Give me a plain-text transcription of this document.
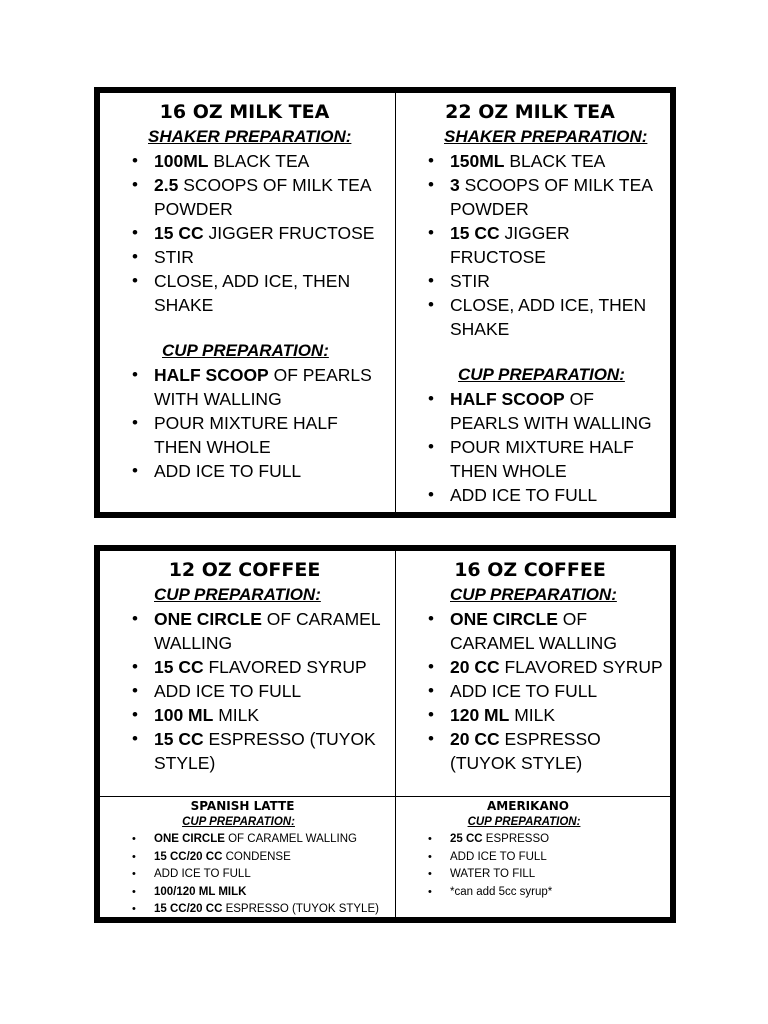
16 OZ MILK TEA
SHAKER PREPARATION:
• 100ML BLACK TEA
• 2.5 SCOOPS OF MILK TEA POWDER
• 15 CC JIGGER FRUCTOSE
• STIR
• CLOSE, ADD ICE, THEN SHAKE
CUP PREPARATION:
• HALF SCOOP OF PEARLS WITH WALLING
• POUR MIXTURE HALF THEN WHOLE
• ADD ICE TO FULL
22 OZ MILK TEA
SHAKER PREPARATION:
• 150ML BLACK TEA
• 3 SCOOPS OF MILK TEA POWDER
• 15 CC JIGGER FRUCTOSE
• STIR
• CLOSE, ADD ICE, THEN SHAKE
CUP PREPARATION:
• HALF SCOOP OF PEARLS WITH WALLING
• POUR MIXTURE HALF THEN WHOLE
• ADD ICE TO FULL
12 OZ COFFEE
CUP PREPARATION:
• ONE CIRCLE OF CARAMEL WALLING
• 15 CC FLAVORED SYRUP
• ADD ICE TO FULL
• 100 ML MILK
• 15 CC ESPRESSO (TUYOK STYLE)
16 OZ COFFEE
CUP PREPARATION:
• ONE CIRCLE OF CARAMEL WALLING
• 20 CC FLAVORED SYRUP
• ADD ICE TO FULL
• 120 ML MILK
• 20 CC ESPRESSO (TUYOK STYLE)
SPANISH LATTE
CUP PREPARATION:
• ONE CIRCLE OF CARAMEL WALLING
• 15 CC/20 CC CONDENSE
• ADD ICE TO FULL
• 100/120 ML MILK
• 15 CC/20 CC ESPRESSO (TUYOK STYLE)
AMERIKANO
CUP PREPARATION:
• 25 CC ESPRESSO
• ADD ICE TO FULL
• WATER TO FILL
• *can add 5cc syrup*
